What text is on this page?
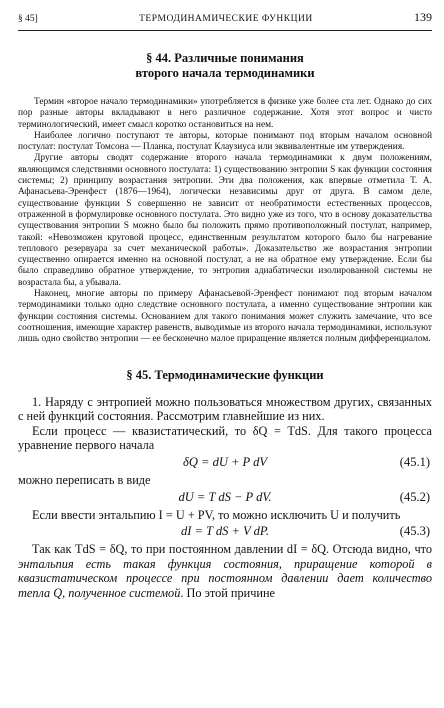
§ 45]	ТЕРМОДИНАМИЧЕСКИЕ ФУНКЦИИ	139
§ 44. Различные понимания
второго начала термодинамики

Термин «второе начало термодинамики» употребляется в физике уже более ста лет. Однако до сих пор разные авторы вкладывают в него различное содержание. Хотя этот вопрос и чисто терминологический, имеет смысл коротко остановиться на нем.

Наиболее логично поступают те авторы, которые понимают под вторым началом основной постулат: постулат Томсона — Планка, постулат Клаузиуса или эквивалентные им утверждения.

Другие авторы сводят содержание второго начала термодинамики к двум положениям, являющимся следствиями основного постулата: 1) существованию энтропии S как функции состояния системы; 2) принципу возрастания энтропии. Эти два положения, как впервые отметила Т. А. Афанасьева-Эренфест (1876—1964), логически независимы друг от друга. В самом деле, существование функции S совершенно не зависит от необратимости естественных процессов, отраженной в формулировке основного постулата. Это видно уже из того, что в основу доказательства существования энтропии S можно было бы положить прямо противоположный постулат, например, такой: «Невозможен круговой процесс, единственным результатом которого было бы нагревание теплового резервуара за счет механической работы». Доказательство же возрастания энтропии существенно опирается именно на основной постулат, а не на обратное ему утверждение. Если бы было справедливо обратное утверждение, то энтропия адиабатически изолированной системы не возрастала бы, а убывала.

Наконец, многие авторы по примеру Афанасьевой-Эренфест понимают под вторым началом термодинамики только одно следствие основного постулата, а именно существование энтропии как функции состояния системы. Основанием для такого понимания может служить замечание, что все соотношения, имеющие характер равенств, выводимые из второго начала термодинамики, используют лишь одно свойство энтропии — ее бесконечно малое приращение является полным дифференциалом.

§ 45. Термодинамические функции

1. Наряду с энтропией можно пользоваться множеством других, связанных с ней функций состояния. Рассмотрим главнейшие из них.

Если процесс — квазистатический, то δQ = TdS. Для такого процесса уравнение первого начала

δQ = dU + P dV	(45.1)

можно переписать в виде

dU = T dS − P dV.	(45.2)

Если ввести энтальпию I = U + PV, то можно исключить U и получить

dI = T dS + V dP.	(45.3)

Так как TdS = δQ, то при постоянном давлении dI = δQ. Отсюда видно, что энтальпия есть такая функция состояния, приращение которой в квазистатическом процессе при постоянном давлении дает количество тепла Q, полученное системой. По этой причине
